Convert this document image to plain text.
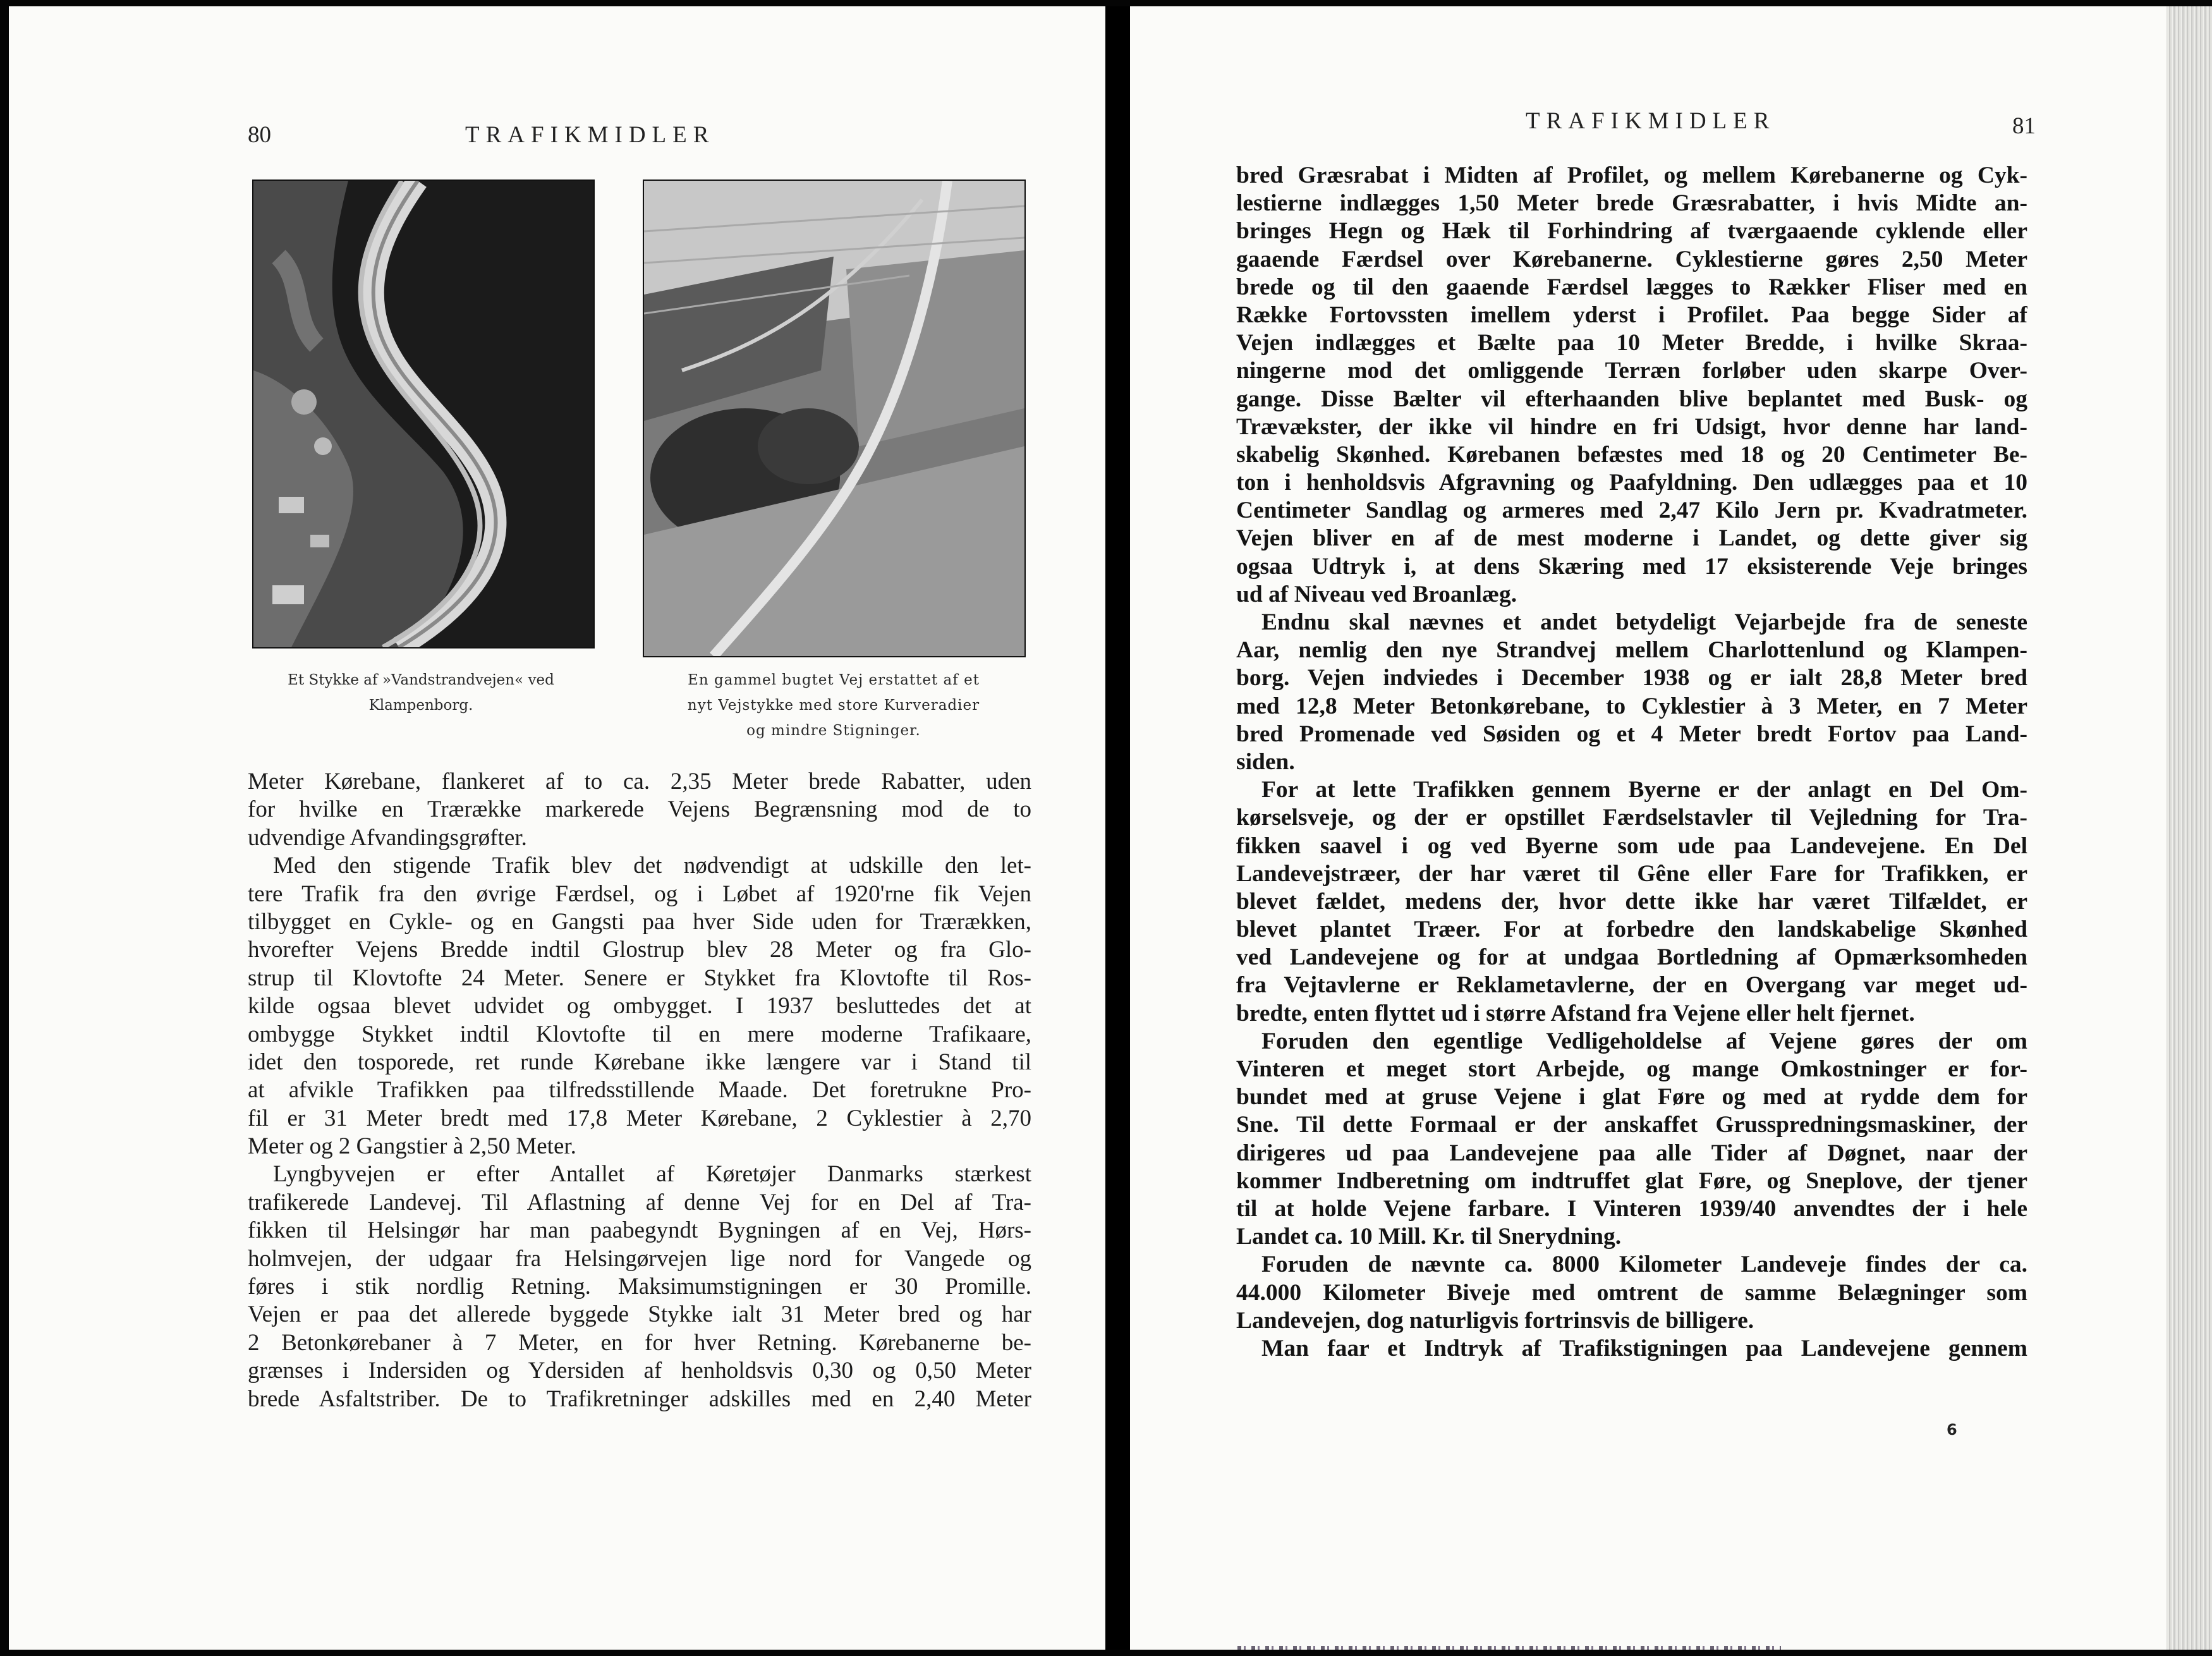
80	TRAFIKMIDLER
Et Stykke af »Vandstrandvejen« ved
Klampenborg.
En gammel bugtet Vej erstattet af et
nyt Vejstykke med store Kurveradier
og mindre Stigninger.
Meter Kørebane, flankeret af to ca. 2,35 Meter brede Rabatter, uden
for hvilke en Trærække markerede Vejens Begrænsning mod de to
udvendige Afvandingsgrøfter.
Med den stigende Trafik blev det nødvendigt at udskille den let-
tere Trafik fra den øvrige Færdsel, og i Løbet af 1920'rne fik Vejen
tilbygget en Cykle- og en Gangsti paa hver Side uden for Trærækken,
hvorefter Vejens Bredde indtil Glostrup blev 28 Meter og fra Glo-
strup til Klovtofte 24 Meter. Senere er Stykket fra Klovtofte til Ros-
kilde ogsaa blevet udvidet og ombygget. I 1937 besluttedes det at
ombygge Stykket indtil Klovtofte til en mere moderne Trafikaare,
idet den tosporede, ret runde Kørebane ikke længere var i Stand til
at afvikle Trafikken paa tilfredsstillende Maade. Det foretrukne Pro-
fil er 31 Meter bredt med 17,8 Meter Kørebane, 2 Cyklestier à 2,70
Meter og 2 Gangstier à 2,50 Meter.
Lyngbyvejen er efter Antallet af Køretøjer Danmarks stærkest
trafikerede Landevej. Til Aflastning af denne Vej for en Del af Tra-
fikken til Helsingør har man paabegyndt Bygningen af en Vej, Hørs-
holmvejen, der udgaar fra Helsingørvejen lige nord for Vangede og
føres i stik nordlig Retning. Maksimumstigningen er 30 Promille.
Vejen er paa det allerede byggede Stykke ialt 31 Meter bred og har
2 Betonkørebaner à 7 Meter, en for hver Retning. Kørebanerne be-
grænses i Indersiden og Ydersiden af henholdsvis 0,30 og 0,50 Meter
brede Asfaltstriber. De to Trafikretninger adskilles med en 2,40 Meter
TRAFIKMIDLER	81
bred Græsrabat i Midten af Profilet, og mellem Kørebanerne og Cyk-
lestierne indlægges 1,50 Meter brede Græsrabatter, i hvis Midte an-
bringes Hegn og Hæk til Forhindring af tværgaaende cyklende eller
gaaende Færdsel over Kørebanerne. Cyklestierne gøres 2,50 Meter
brede og til den gaaende Færdsel lægges to Rækker Fliser med en
Række Fortovssten imellem yderst i Profilet. Paa begge Sider af
Vejen indlægges et Bælte paa 10 Meter Bredde, i hvilke Skraa-
ningerne mod det omliggende Terræn forløber uden skarpe Over-
gange. Disse Bælter vil efterhaanden blive beplantet med Busk- og
Trævækster, der ikke vil hindre en fri Udsigt, hvor denne har land-
skabelig Skønhed. Kørebanen befæstes med 18 og 20 Centimeter Be-
ton i henholdsvis Afgravning og Paafyldning. Den udlægges paa et 10
Centimeter Sandlag og armeres med 2,47 Kilo Jern pr. Kvadratmeter.
Vejen bliver en af de mest moderne i Landet, og dette giver sig
ogsaa Udtryk i, at dens Skæring med 17 eksisterende Veje bringes
ud af Niveau ved Broanlæg.
Endnu skal nævnes et andet betydeligt Vejarbejde fra de seneste
Aar, nemlig den nye Strandvej mellem Charlottenlund og Klampen-
borg. Vejen indviedes i December 1938 og er ialt 28,8 Meter bred
med 12,8 Meter Betonkørebane, to Cyklestier à 3 Meter, en 7 Meter
bred Promenade ved Søsiden og et 4 Meter bredt Fortov paa Land-
siden.
For at lette Trafikken gennem Byerne er der anlagt en Del Om-
kørselsveje, og der er opstillet Færdselstavler til Vejledning for Tra-
fikken saavel i og ved Byerne som ude paa Landevejene. En Del
Landevejstræer, der har været til Gêne eller Fare for Trafikken, er
blevet fældet, medens der, hvor dette ikke har været Tilfældet, er
blevet plantet Træer. For at forbedre den landskabelige Skønhed
ved Landevejene og for at undgaa Bortledning af Opmærksomheden
fra Vejtavlerne er Reklametavlerne, der en Overgang var meget ud-
bredte, enten flyttet ud i større Afstand fra Vejene eller helt fjernet.
Foruden den egentlige Vedligeholdelse af Vejene gøres der om
Vinteren et meget stort Arbejde, og mange Omkostninger er for-
bundet med at gruse Vejene i glat Føre og med at rydde dem for
Sne. Til dette Formaal er der anskaffet Grusspredningsmaskiner, der
dirigeres ud paa Landevejene paa alle Tider af Døgnet, naar der
kommer Indberetning om indtruffet glat Føre, og Sneplove, der tjener
til at holde Vejene farbare. I Vinteren 1939/40 anvendtes der i hele
Landet ca. 10 Mill. Kr. til Snerydning.
Foruden de nævnte ca. 8000 Kilometer Landeveje findes der ca.
44.000 Kilometer Biveje med omtrent de samme Belægninger som
Landevejen, dog naturligvis fortrinsvis de billigere.
Man faar et Indtryk af Trafikstigningen paa Landevejene gennem
6
